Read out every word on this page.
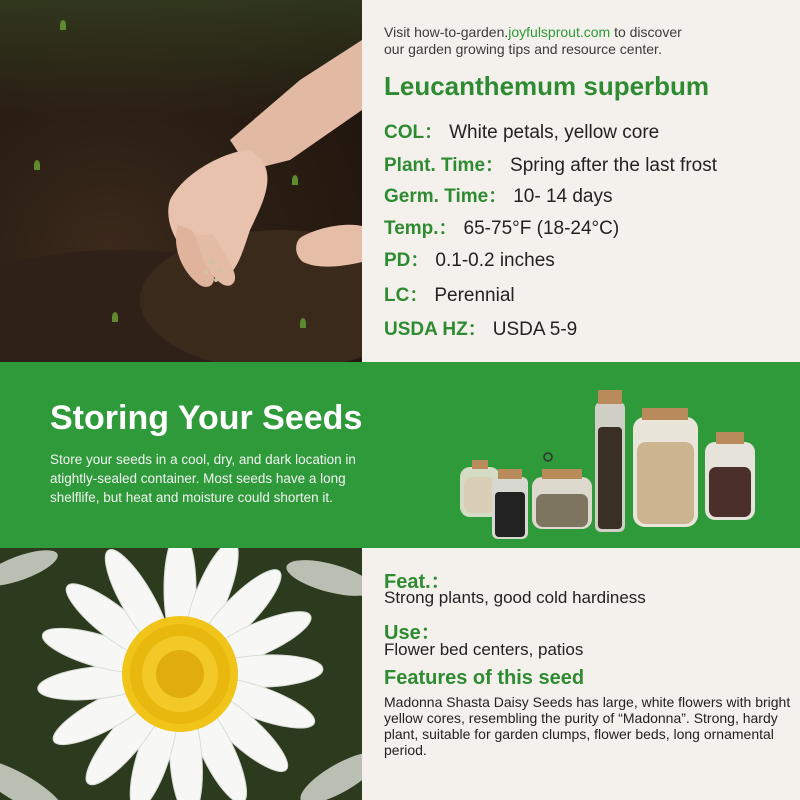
Visit how-to-garden.joyfulsprout.com to discover
our garden growing tips and resource center.
Leucanthemum superbum
COL： White petals, yellow core
Plant. Time： Spring after the last frost
Germ. Time： 10- 14 days
Temp.： 65-75°F (18-24°C)
PD： 0.1-0.2 inches
LC： Perennial
USDA HZ： USDA 5-9
Storing Your Seeds
Store your seeds in a cool, dry, and dark location in atightly-sealed container. Most seeds have a long shelflife, but heat and moisture could shorten it.
Feat.：
Strong plants, good cold hardiness
Use：
Flower bed centers, patios
Features of this seed
Madonna Shasta Daisy Seeds has large, white flowers with bright yellow cores, resembling the purity of “Madonna”. Strong, hardy plant, suitable for garden clumps, flower beds, long ornamental period.
